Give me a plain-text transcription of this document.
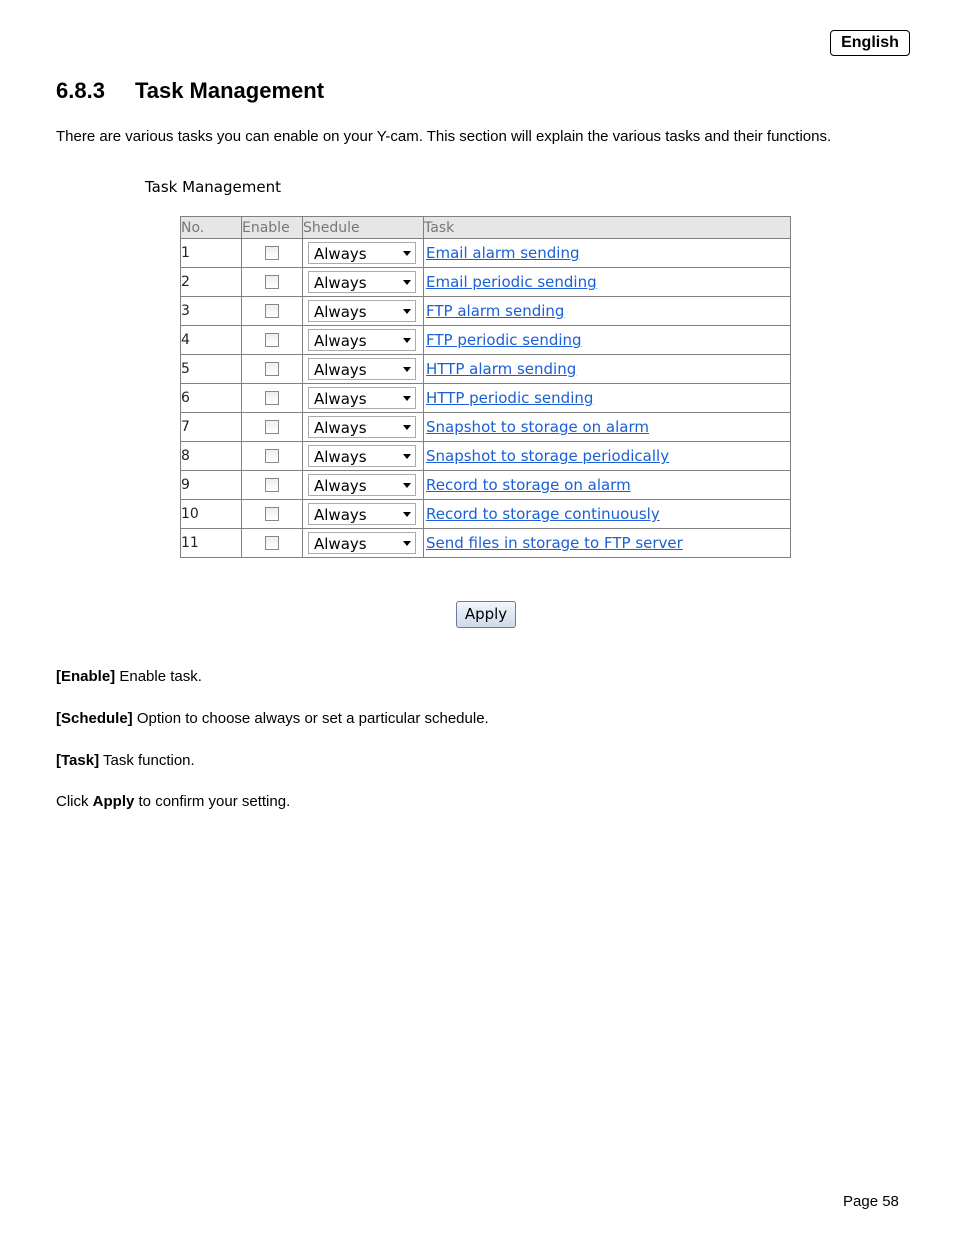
English
6.8.3 Task Management
There are various tasks you can enable on your Y-cam. This section will explain the various tasks and their functions.
Task Management
No.	Enable	Shedule	Task
1		Always	Email alarm sending
2		Always	Email periodic sending
3		Always	FTP alarm sending
4		Always	FTP periodic sending
5		Always	HTTP alarm sending
6		Always	HTTP periodic sending
7		Always	Snapshot to storage on alarm
8		Always	Snapshot to storage periodically
9		Always	Record to storage on alarm
10		Always	Record to storage continuously
11		Always	Send files in storage to FTP server
Apply
[Enable] Enable task.
[Schedule] Option to choose always or set a particular schedule.
[Task] Task function.
Click Apply to confirm your setting.
Page 58
